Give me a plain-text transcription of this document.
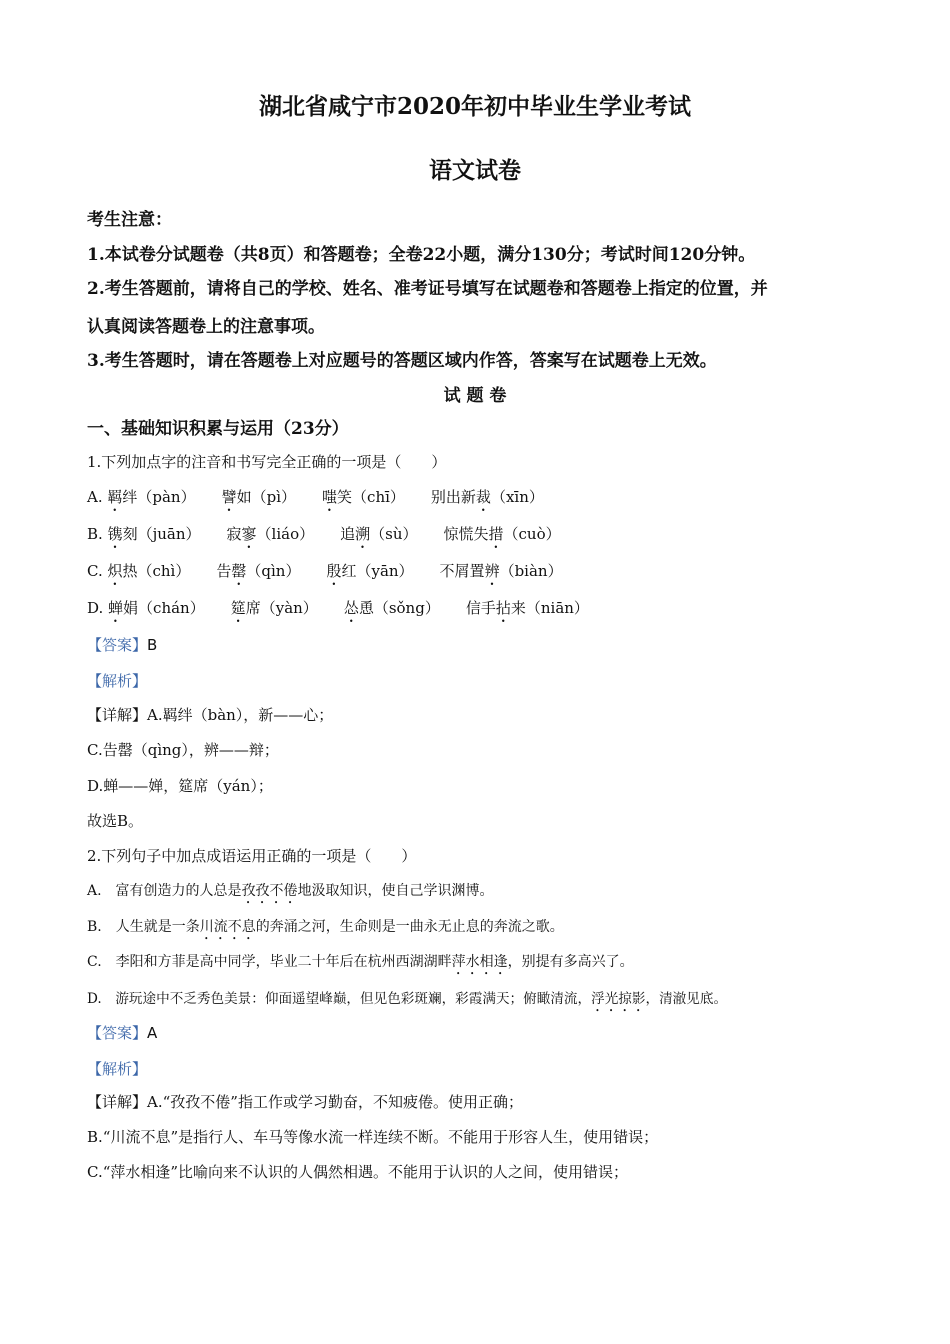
湖北省咸宁市2020年初中毕业生学业考试
语文试卷
考生注意：
1.本试卷分试题卷（共8页）和答题卷；全卷22小题，满分130分；考试时间120分钟。
2.考生答题前，请将自己的学校、姓名、准考证号填写在试题卷和答题卷上指定的位置，并
认真阅读答题卷上的注意事项。
3.考生答题时，请在答题卷上对应题号的答题区域内作答，答案写在试题卷上无效。
试 题 卷
一、基础知识积累与运用（23分）
1.下列加点字的注音和书写完全正确的一项是（　　）
A. 羁绊（pàn） 譬如（pì） 嗤笑（chī） 别出新裁（xīn）
B. 镌刻（juān） 寂寥（liáo） 追溯（sù） 惊慌失措（cuò）
C. 炽热（chì） 告罄（qìn） 殷红（yān） 不屑置辨（biàn）
D. 蝉娟（chán） 筵席（yàn） 怂恿（sǒng） 信手拈来（niān）
【答案】B
【解析】
【详解】A.羁绊（bàn），新——心；
C.告罄（qìng），辨——辩；
D.蝉——婵，筵席（yán）；
故选B。
2.下列句子中加点成语运用正确的一项是（　　）
A.　富有创造力的人总是孜孜不倦地汲取知识，使自己学识渊博。
B.　人生就是一条川流不息的奔涌之河，生命则是一曲永无止息的奔流之歌。
C.　李阳和方菲是高中同学，毕业二十年后在杭州西湖湖畔萍水相逢，别提有多高兴了。
D.　游玩途中不乏秀色美景：仰面遥望峰巅，但见色彩斑斓，彩霞满天；俯瞰清流，浮光掠影，清澈见底。
【答案】A
【解析】
【详解】A.“孜孜不倦”指工作或学习勤奋，不知疲倦。使用正确；
B.“川流不息”是指行人、车马等像水流一样连续不断。不能用于形容人生，使用错误；
C.“萍水相逢”比喻向来不认识的人偶然相遇。不能用于认识的人之间，使用错误；
